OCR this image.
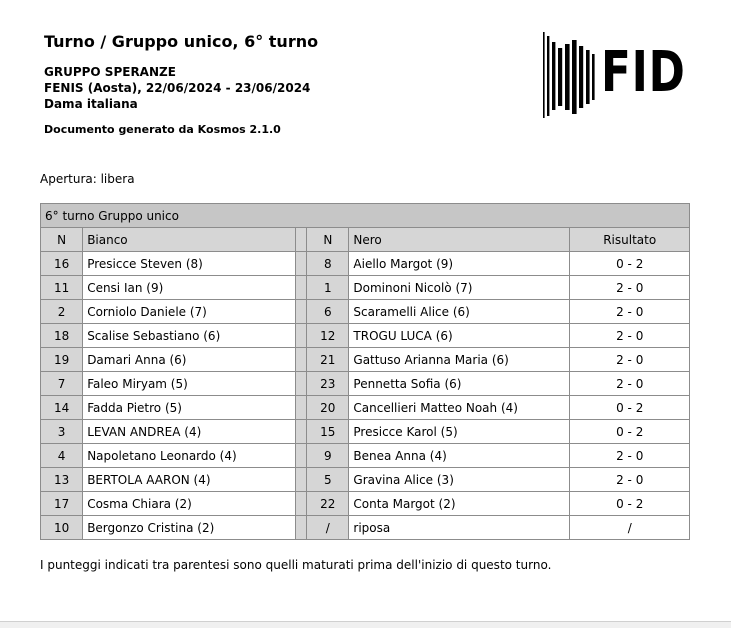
Turno / Gruppo unico, 6° turno
GRUPPO SPERANZE
FENIS (Aosta), 22/06/2024 - 23/06/2024
Dama italiana
Documento generato da Kosmos 2.1.0
FID
Apertura: libera
6° turno Gruppo unico					
N	Bianco		N	Nero	Risultato
16	Presicce Steven (8)		8	Aiello Margot (9)	0 - 2
11	Censi Ian (9)		1	Dominoni Nicolò (7)	2 - 0
2	Corniolo Daniele (7)		6	Scaramelli Alice (6)	2 - 0
18	Scalise Sebastiano (6)		12	TROGU LUCA (6)	2 - 0
19	Damari Anna (6)		21	Gattuso Arianna Maria (6)	2 - 0
7	Faleo Miryam (5)		23	Pennetta Sofia (6)	2 - 0
14	Fadda Pietro (5)		20	Cancellieri Matteo Noah (4)	0 - 2
3	LEVAN ANDREA (4)		15	Presicce Karol (5)	0 - 2
4	Napoletano Leonardo (4)		9	Benea Anna (4)	2 - 0
13	BERTOLA AARON (4)		5	Gravina Alice (3)	2 - 0
17	Cosma Chiara (2)		22	Conta Margot (2)	0 - 2
10	Bergonzo Cristina (2)		/	riposa	/
I punteggi indicati tra parentesi sono quelli maturati prima dell'inizio di questo turno.
